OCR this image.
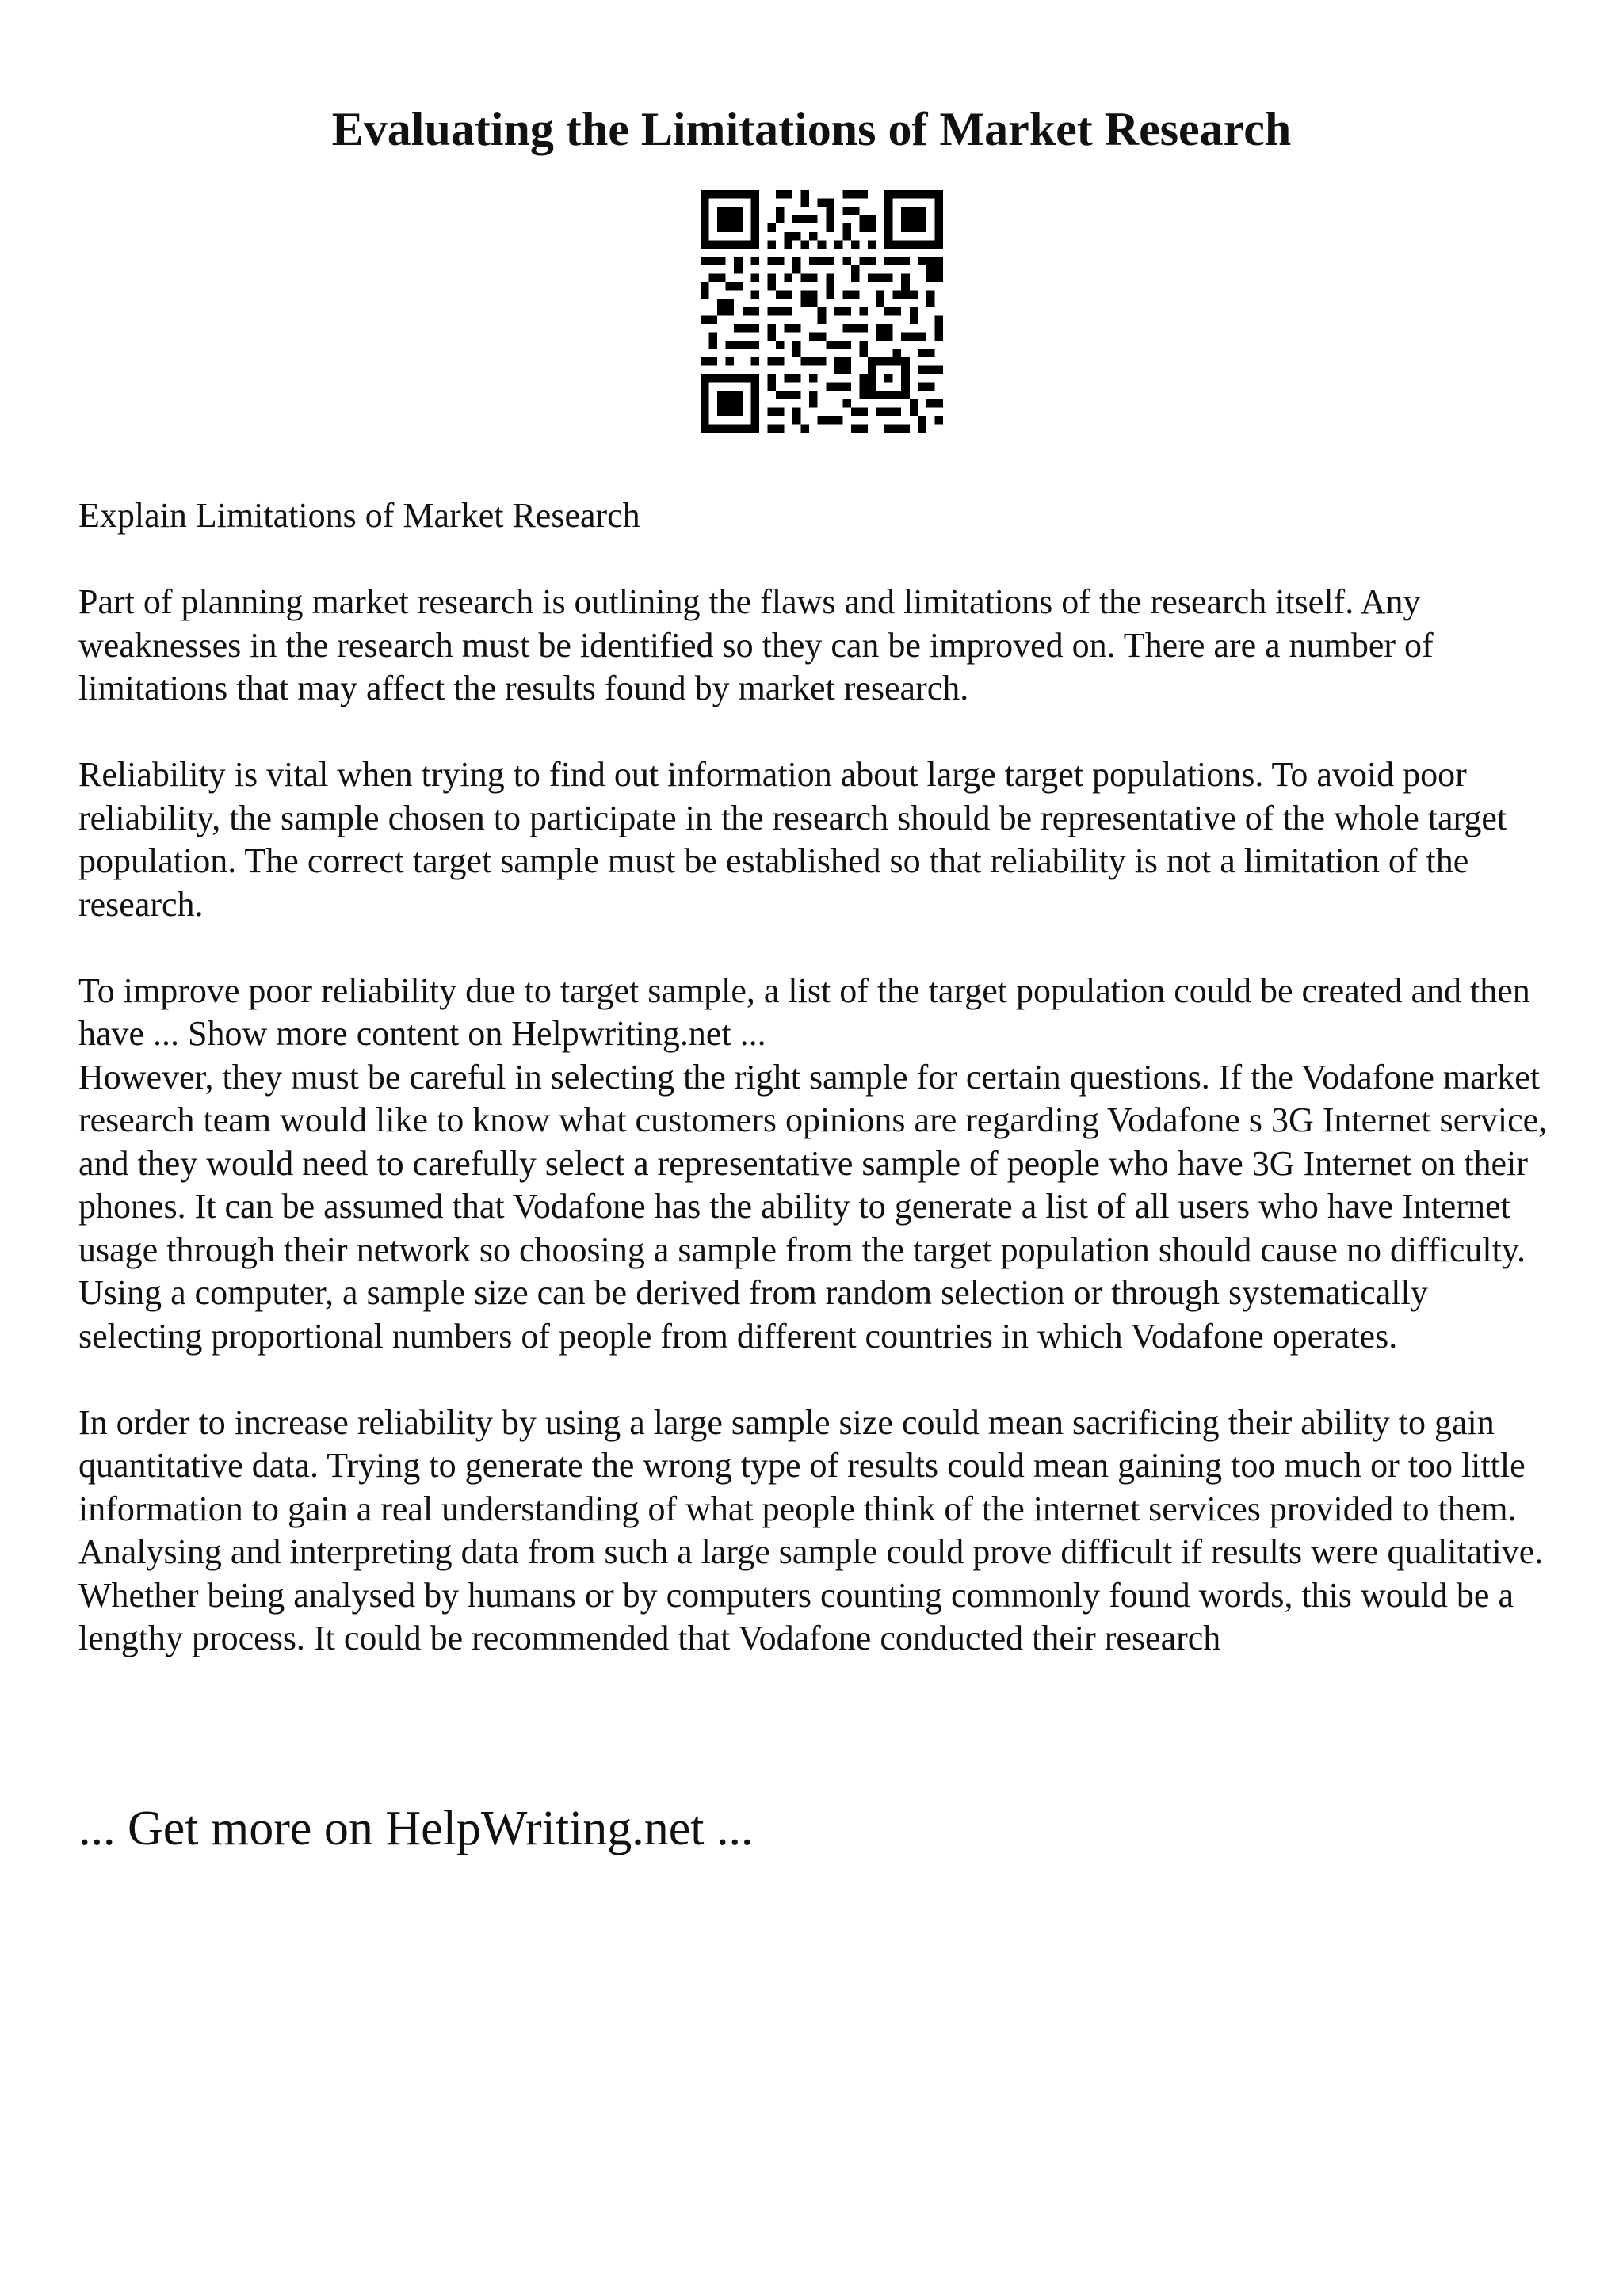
Evaluating the Limitations of Market Research

Explain Limitations of Market Research

Part of planning market research is outlining the flaws and limitations of the research itself. Any weaknesses in the research must be identified so they can be improved on. There are a number of limitations that may affect the results found by market research.

Reliability is vital when trying to find out information about large target populations. To avoid poor reliability, the sample chosen to participate in the research should be representative of the whole target population. The correct target sample must be established so that reliability is not a limitation of the research.

To improve poor reliability due to target sample, a list of the target population could be created and then have ... Show more content on Helpwriting.net ...

However, they must be careful in selecting the right sample for certain questions. If the Vodafone market research team would like to know what customers opinions are regarding Vodafone s 3G Internet service, and they would need to carefully select a representative sample of people who have 3G Internet on their phones. It can be assumed that Vodafone has the ability to generate a list of all users who have Internet usage through their network so choosing a sample from the target population should cause no difficulty. Using a computer, a sample size can be derived from random selection or through systematically selecting proportional numbers of people from different countries in which Vodafone operates.

In order to increase reliability by using a large sample size could mean sacrificing their ability to gain quantitative data. Trying to generate the wrong type of results could mean gaining too much or too little information to gain a real understanding of what people think of the internet services provided to them. Analysing and interpreting data from such a large sample could prove difficult if results were qualitative. Whether being analysed by humans or by computers counting commonly found words, this would be a lengthy process. It could be recommended that Vodafone conducted their research

... Get more on HelpWriting.net ...
